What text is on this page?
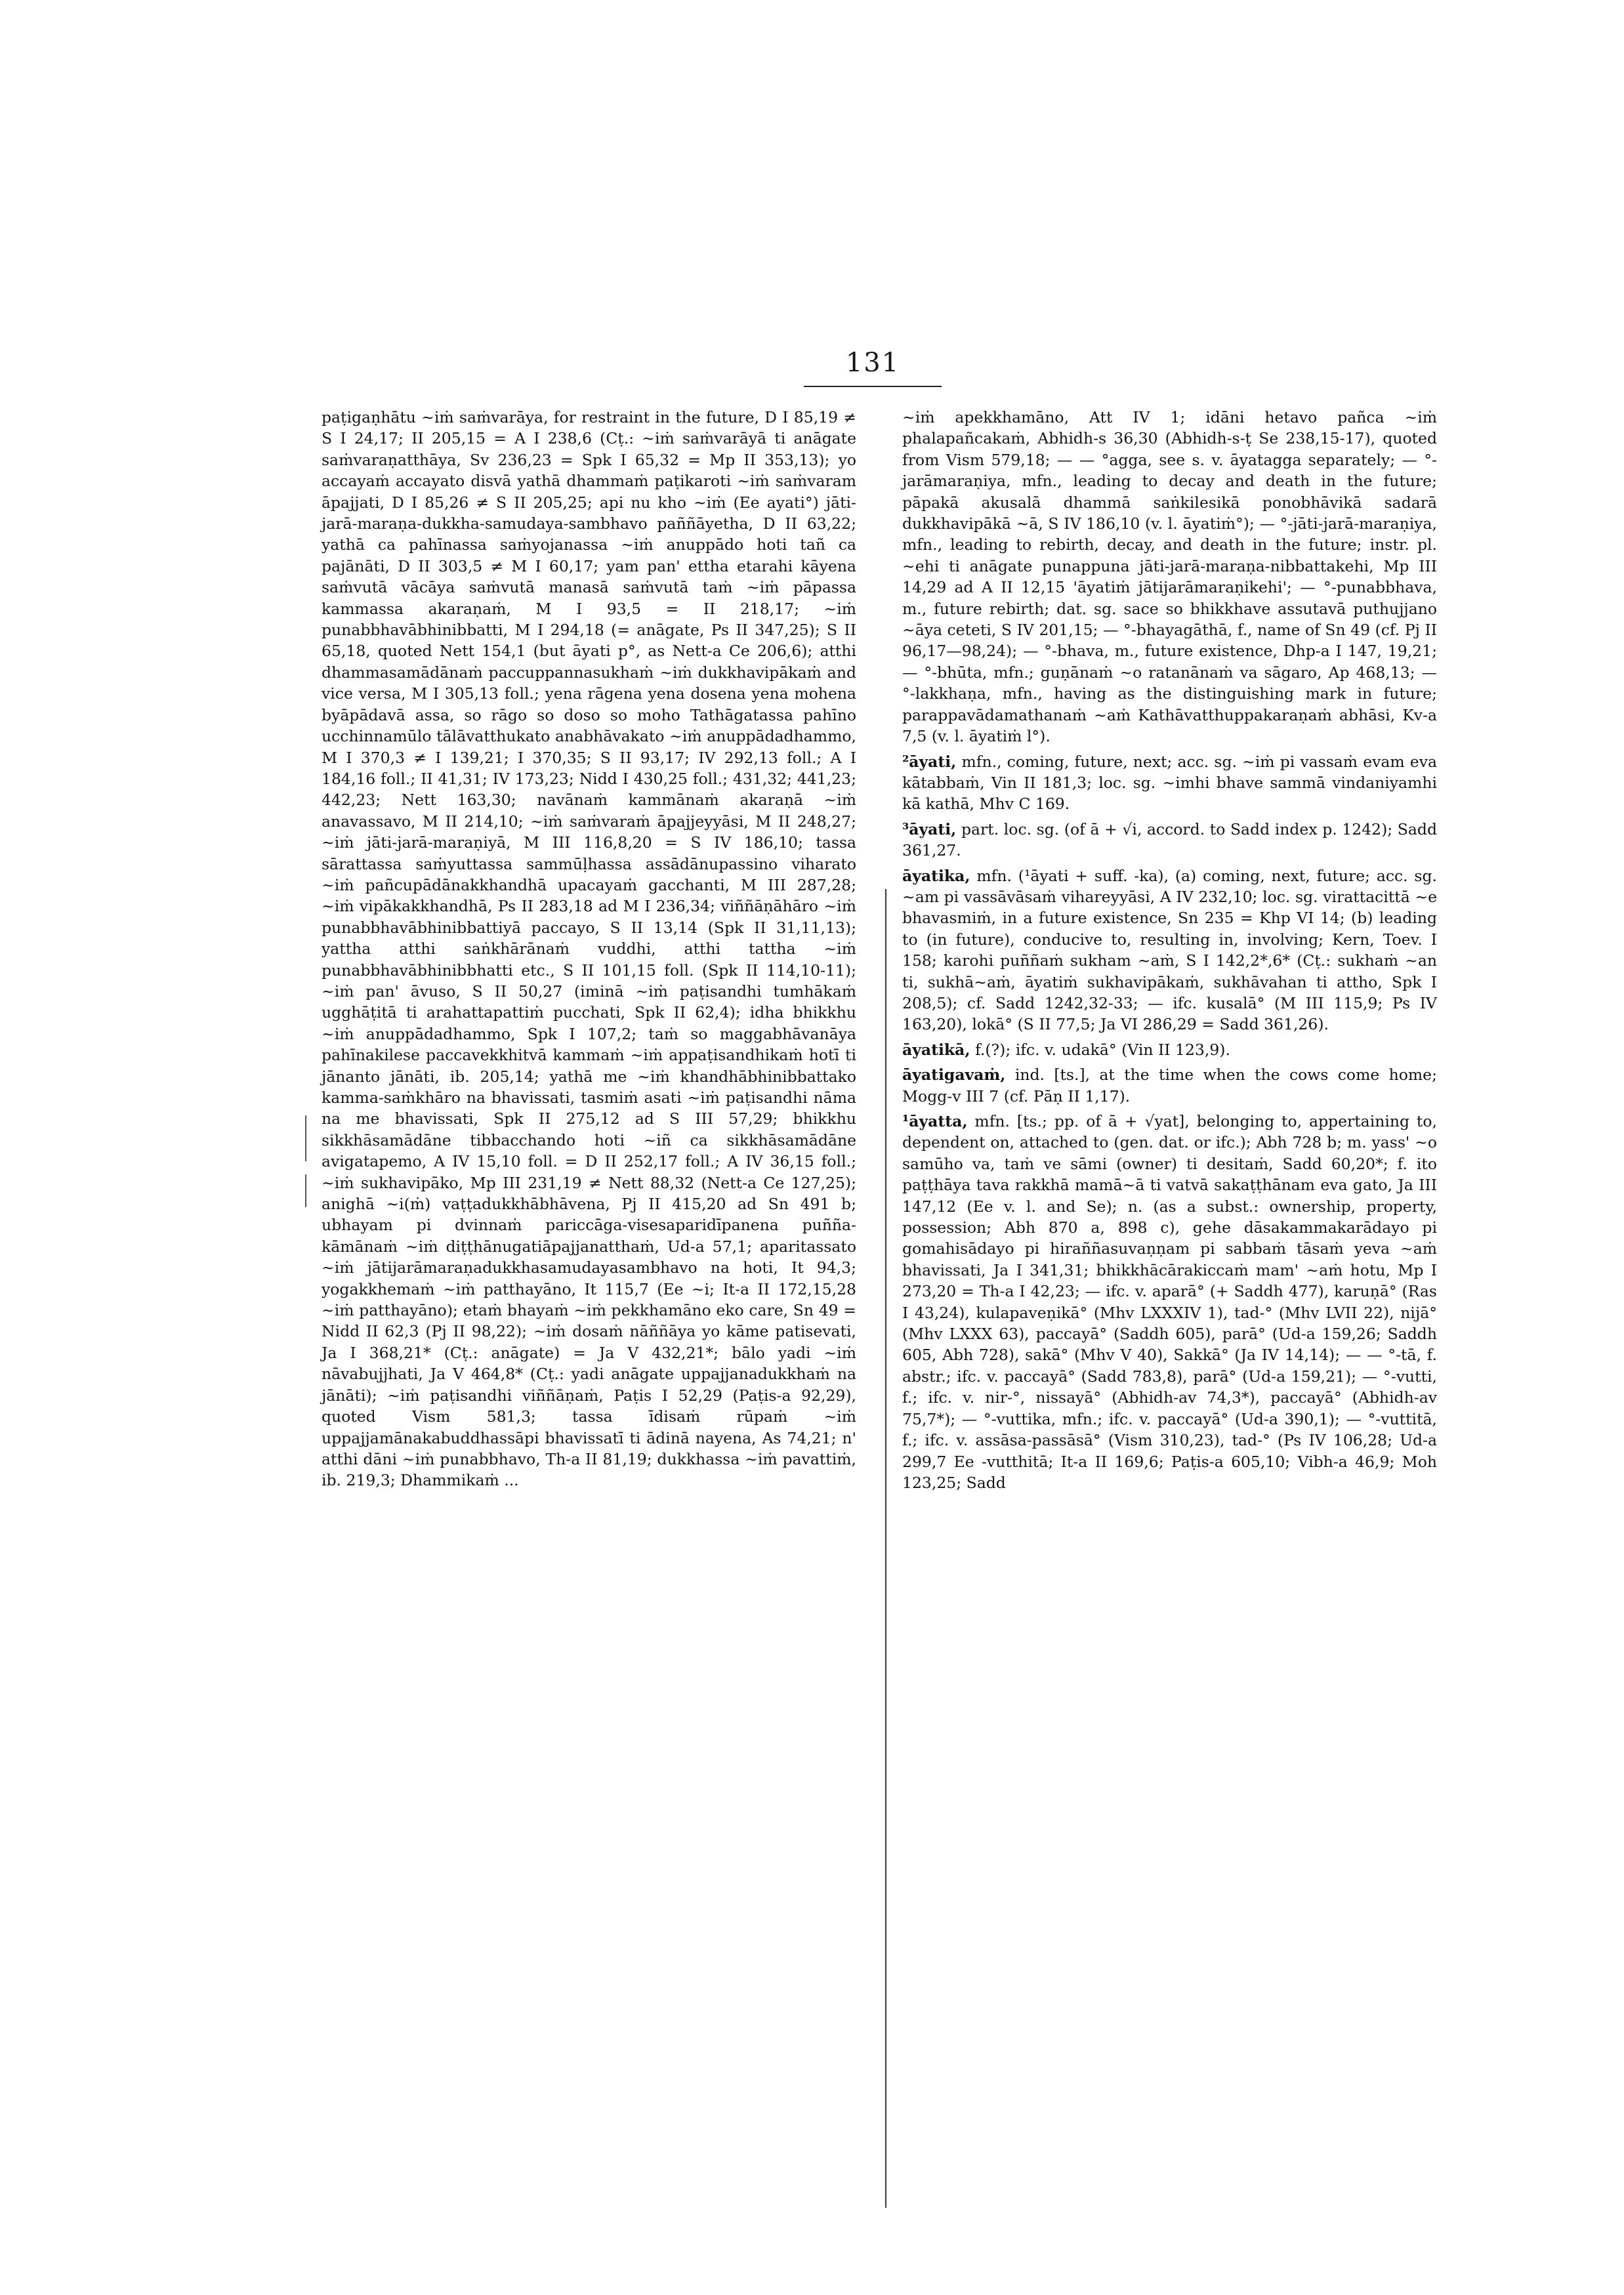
131

paṭigaṇhātu ~iṁ saṁvarāya, for restraint in the future, D I 85,19 ≠ S I 24,17; II 205,15 = A I 238,6 (Cṭ.: ~iṁ saṁvarāyā ti anāgate saṁvaraṇatthāya, Sv 236,23 = Spk I 65,32 = Mp II 353,13); yo accayaṁ accayato disvā yathā dhammaṁ paṭikaroti ~iṁ saṁvaram āpajjati, D I 85,26 ≠ S II 205,25; api nu kho ~iṁ (Ee ayati°) jāti-jarā-maraṇa-dukkha-samudaya-sambhavo paññāyetha, D II 63,22; yathā ca pahīnassa saṁyojanassa ~iṁ anuppādo hoti tañ ca pajānāti, D II 303,5 ≠ M I 60,17; yam pan' ettha etarahi kāyena saṁvutā vācāya saṁvutā manasā saṁvutā taṁ ~iṁ pāpassa kammassa akaraṇaṁ, M I 93,5 = II 218,17; ~iṁ punabbhavābhinibbatti, M I 294,18 (= anāgate, Ps II 347,25); S II 65,18, quoted Nett 154,1 (but āyati p°, as Nett-a Ce 206,6); atthi dhammasamādānaṁ paccuppannasukhaṁ ~iṁ dukkhavipākaṁ and vice versa, M I 305,13 foll.; yena rāgena yena dosena yena mohena byāpādavā assa, so rāgo so doso so moho Tathāgatassa pahīno ucchinnamūlo tālāvatthukato anabhāvakato ~iṁ anuppādadhammo, M I 370,3 ≠ I 139,21; I 370,35; S II 93,17; IV 292,13 foll.; A I 184,16 foll.; II 41,31; IV 173,23; Nidd I 430,25 foll.; 431,32; 441,23; 442,23; Nett 163,30; navānaṁ kammānaṁ akaraṇā ~iṁ anavassavo, M II 214,10; ~iṁ saṁvaraṁ āpajjeyyāsi, M II 248,27; ~iṁ jāti-jarā-maraṇiyā, M III 116,8,20 = S IV 186,10; tassa sārattassa saṁyuttassa sammūḷhassa assādānupassino viharato ~iṁ pañcupādānakkhandhā upacayaṁ gacchanti, M III 287,28; ~iṁ vipākakkhandhā, Ps II 283,18 ad M I 236,34; viññāṇāhāro ~iṁ punabbhavābhinibbattiyā paccayo, S II 13,14 (Spk II 31,11,13); yattha atthi saṅkhārānaṁ vuddhi, atthi tattha ~iṁ punabbhavābhinibbhatti etc., S II 101,15 foll. (Spk II 114,10-11); ~iṁ pan' āvuso, S II 50,27 (iminā ~iṁ paṭisandhi tumhākaṁ ugghāṭitā ti arahattapattiṁ pucchati, Spk II 62,4); idha bhikkhu ~iṁ anuppādadhammo, Spk I 107,2; taṁ so maggabhāvanāya pahīnakilese paccavekkhitvā kammaṁ ~iṁ appaṭisandhikaṁ hotī ti jānanto jānāti, ib. 205,14; yathā me ~iṁ khandhābhinibbattako kamma-saṁkhāro na bhavissati, tasmiṁ asati ~iṁ paṭisandhi nāma na me bhavissati, Spk II 275,12 ad S III 57,29; bhikkhu sikkhāsamādāne tibbacchando hoti ~iñ ca sikkhāsamādāne avigatapemo, A IV 15,10 foll. = D II 252,17 foll.; A IV 36,15 foll.; ~iṁ sukhavipāko, Mp III 231,19 ≠ Nett 88,32 (Nett-a Ce 127,25); anighā ~i(ṁ) vaṭṭadukkhābhāvena, Pj II 415,20 ad Sn 491 b; ubhayam pi dvinnaṁ pariccāga-visesaparidīpanena puñña-kāmānaṁ ~iṁ diṭṭhānugatiāpajjanatthaṁ, Ud-a 57,1; aparitassato ~iṁ jātijarāmaraṇadukkhasamudayasambhavo na hoti, It 94,3; yogakkhemaṁ ~iṁ patthayāno, It 115,7 (Ee ~i; It-a II 172,15,28 ~iṁ patthayāno); etaṁ bhayaṁ ~iṁ pekkhamāno eko care, Sn 49 = Nidd II 62,3 (Pj II 98,22); ~iṁ dosaṁ nāññāya yo kāme patisevati, Ja I 368,21* (Cṭ.: anāgate) = Ja V 432,21*; bālo yadi ~iṁ nāvabujjhati, Ja V 464,8* (Cṭ.: yadi anāgate uppajjanadukkhaṁ na jānāti); ~iṁ paṭisandhi viññāṇaṁ, Paṭis I 52,29 (Paṭis-a 92,29), quoted Vism 581,3; tassa īdisaṁ rūpaṁ ~iṁ uppajjamānakabuddhassāpi bhavissatī ti ādinā nayena, As 74,21; n' atthi dāni ~iṁ punabbhavo, Th-a II 81,19; dukkhassa ~iṁ pavattiṁ, ib. 219,3; Dhammikaṁ ...

~iṁ apekkhamāno, Att IV 1; idāni hetavo pañca ~iṁ phalapañcakaṁ, Abhidh-s 36,30 (Abhidh-s-ṭ Se 238,15-17), quoted from Vism 579,18; — — °agga, see s. v. āyatagga separately; — °-jarāmaraṇiya, mfn., leading to decay and death in the future; pāpakā akusalā dhammā saṅkilesikā ponobhāvikā sadarā dukkhavipākā ~ā, S IV 186,10 (v. l. āyatiṁ°); — °-jāti-jarā-maraṇiya, mfn., leading to rebirth, decay, and death in the future; instr. pl. ~ehi ti anāgate punappuna jāti-jarā-maraṇa-nibbattakehi, Mp III 14,29 ad A II 12,15 'āyatiṁ jātijarāmaraṇikehi'; — °-punabbhava, m., future rebirth; dat. sg. sace so bhikkhave assutavā puthujjano ~āya ceteti, S IV 201,15; — °-bhayagāthā, f., name of Sn 49 (cf. Pj II 96,17—98,24); — °-bhava, m., future existence, Dhp-a I 147, 19,21; — °-bhūta, mfn.; guṇānaṁ ~o ratanānaṁ va sāgaro, Ap 468,13; — °-lakkhaṇa, mfn., having as the distinguishing mark in future; parappavādamathanaṁ ~aṁ Kathāvatthuppakaraṇaṁ abhāsi, Kv-a 7,5 (v. l. āyatiṁ l°).

²āyati, mfn., coming, future, next; acc. sg. ~iṁ pi vassaṁ evam eva kātabbaṁ, Vin II 181,3; loc. sg. ~imhi bhave sammā vindaniyamhi kā kathā, Mhv C 169.

³āyati, part. loc. sg. (of ā + √i, accord. to Sadd index p. 1242); Sadd 361,27.

āyatika, mfn. (¹āyati + suff. -ka), (a) coming, next, future; acc. sg. ~am pi vassāvāsaṁ vihareyyāsi, A IV 232,10; loc. sg. virattacittā ~e bhavasmiṁ, in a future existence, Sn 235 = Khp VI 14; (b) leading to (in future), conducive to, resulting in, involving; Kern, Toev. I 158; karohi puññaṁ sukham ~aṁ, S I 142,2*,6* (Cṭ.: sukhaṁ ~an ti, sukhā~aṁ, āyatiṁ sukhavipākaṁ, sukhāvahan ti attho, Spk I 208,5); cf. Sadd 1242,32-33; — ifc. kusalā° (M III 115,9; Ps IV 163,20), lokā° (S II 77,5; Ja VI 286,29 = Sadd 361,26).

āyatikā, f.(?); ifc. v. udakā° (Vin II 123,9).

āyatigavaṁ, ind. [ts.], at the time when the cows come home; Mogg-v III 7 (cf. Pāṇ II 1,17).

¹āyatta, mfn. [ts.; pp. of ā + √yat], belonging to, appertaining to, dependent on, attached to (gen. dat. or ifc.); Abh 728 b; m. yass' ~o samūho va, taṁ ve sāmi (owner) ti desitaṁ, Sadd 60,20*; f. ito paṭṭhāya tava rakkhā mamā~ā ti vatvā sakaṭṭhānam eva gato, Ja III 147,12 (Ee v. l. and Se); n. (as a subst.: ownership, property, possession; Abh 870 a, 898 c), gehe dāsakammakarādayo pi gomahisādayo pi hiraññasuvaṇṇam pi sabbaṁ tāsaṁ yeva ~aṁ bhavissati, Ja I 341,31; bhikkhācārakiccaṁ mam' ~aṁ hotu, Mp I 273,20 = Th-a I 42,23; — ifc. v. aparā° (+ Saddh 477), karuṇā° (Ras I 43,24), kulapaveṇikā° (Mhv LXXXIV 1), tad-° (Mhv LVII 22), nijā° (Mhv LXXX 63), paccayā° (Saddh 605), parā° (Ud-a 159,26; Saddh 605, Abh 728), sakā° (Mhv V 40), Sakkā° (Ja IV 14,14); — — °-tā, f. abstr.; ifc. v. paccayā° (Sadd 783,8), parā° (Ud-a 159,21); — °-vutti, f.; ifc. v. nir-°, nissayā° (Abhidh-av 74,3*), paccayā° (Abhidh-av 75,7*); — °-vuttika, mfn.; ifc. v. paccayā° (Ud-a 390,1); — °-vuttitā, f.; ifc. v. assāsa-passāsā° (Vism 310,23), tad-° (Ps IV 106,28; Ud-a 299,7 Ee -vutthitā; It-a II 169,6; Paṭis-a 605,10; Vibh-a 46,9; Moh 123,25; Sadd
